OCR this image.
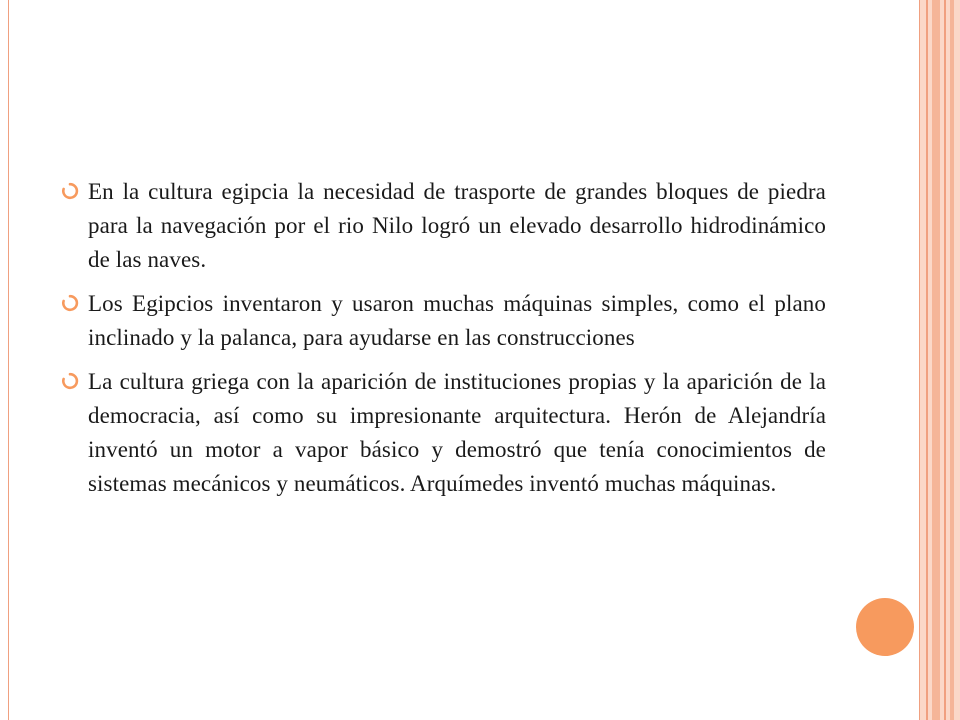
En la cultura egipcia la necesidad de trasporte de grandes bloques de piedra para la navegación por el rio Nilo logró un elevado desarrollo hidrodinámico de las naves.
Los Egipcios inventaron y usaron muchas máquinas simples, como el plano inclinado y la palanca, para ayudarse en las construcciones
La cultura griega con la aparición de instituciones propias y la aparición de la democracia, así como su impresionante arquitectura. Herón de Alejandría inventó un motor a vapor básico y demostró que tenía conocimientos de sistemas mecánicos y neumáticos. Arquímedes inventó muchas máquinas.
